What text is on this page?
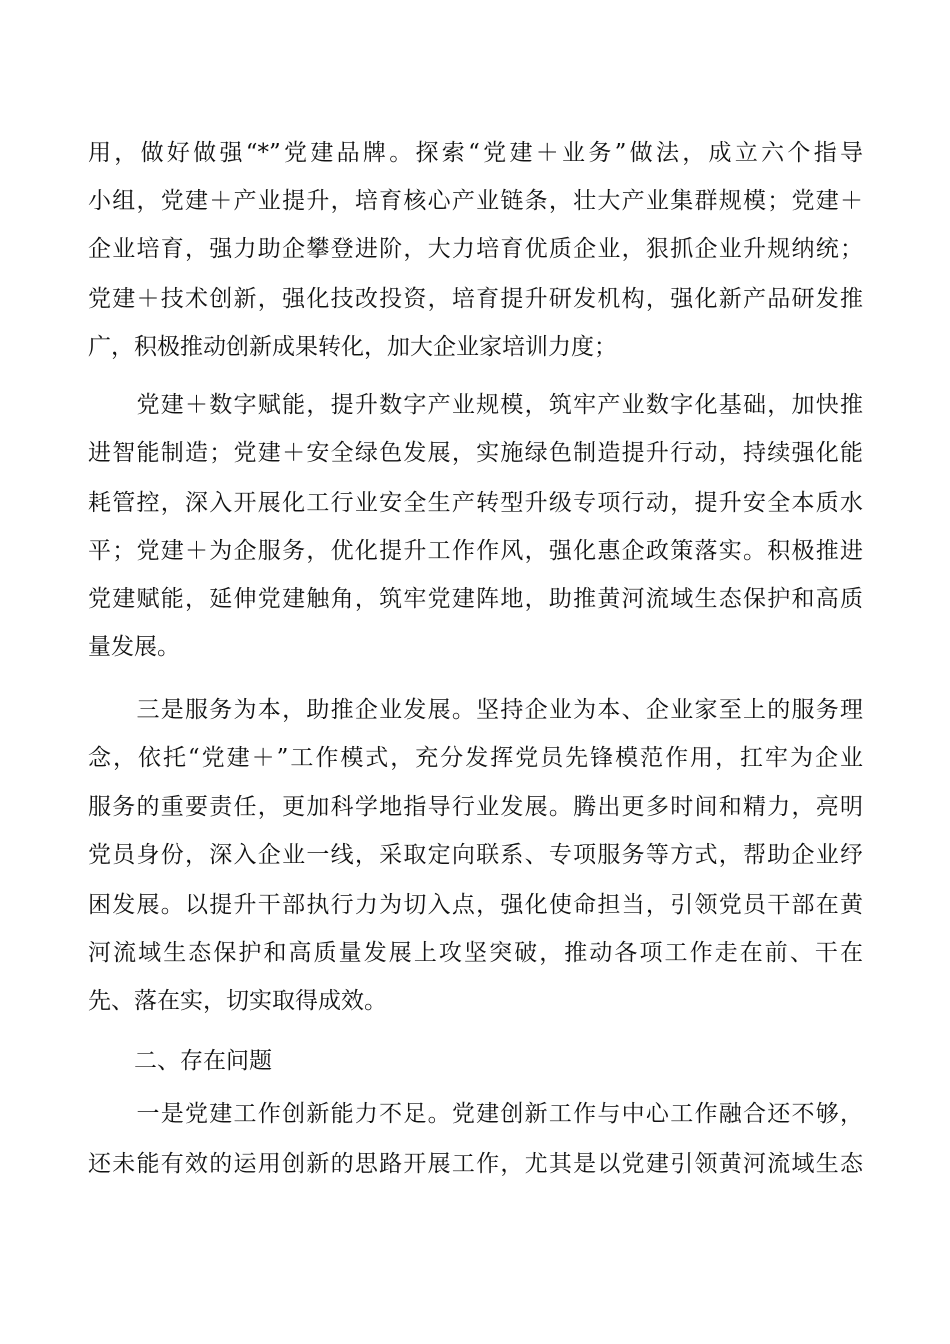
用，做好做强“*”党建品牌。探索“党建＋业务”做法，成立六个指导
小组，党建＋产业提升，培育核心产业链条，壮大产业集群规模；党建＋
企业培育，强力助企攀登进阶，大力培育优质企业，狠抓企业升规纳统；
党建＋技术创新，强化技改投资，培育提升研发机构，强化新产品研发推
广，积极推动创新成果转化，加大企业家培训力度；
　　党建＋数字赋能，提升数字产业规模，筑牢产业数字化基础，加快推
进智能制造；党建＋安全绿色发展，实施绿色制造提升行动，持续强化能
耗管控，深入开展化工行业安全生产转型升级专项行动，提升安全本质水
平；党建＋为企服务，优化提升工作作风，强化惠企政策落实。积极推进
党建赋能，延伸党建触角，筑牢党建阵地，助推黄河流域生态保护和高质
量发展。
　　三是服务为本，助推企业发展。坚持企业为本、企业家至上的服务理
念，依托“党建＋”工作模式，充分发挥党员先锋模范作用，扛牢为企业
服务的重要责任，更加科学地指导行业发展。腾出更多时间和精力，亮明
党员身份，深入企业一线，采取定向联系、专项服务等方式，帮助企业纾
困发展。以提升干部执行力为切入点，强化使命担当，引领党员干部在黄
河流域生态保护和高质量发展上攻坚突破，推动各项工作走在前、干在
先、落在实，切实取得成效。
　　二、存在问题
　　一是党建工作创新能力不足。党建创新工作与中心工作融合还不够，
还未能有效的运用创新的思路开展工作，尤其是以党建引领黄河流域生态
